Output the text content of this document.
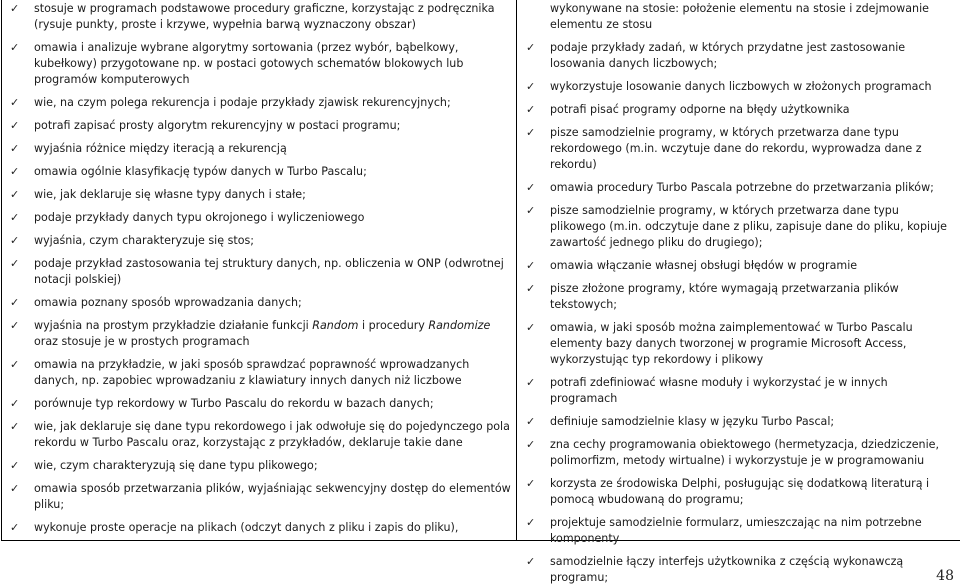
✓	stosuje w programach podstawowe procedury graficzne, korzystając z podręcznika (rysuje punkty, proste i krzywe, wypełnia barwą wyznaczony obszar)
✓	omawia i analizuje wybrane algorytmy sortowania (przez wybór, bąbelkowy, kubełkowy) przygotowane np. w postaci gotowych schematów blokowych lub programów komputerowych
✓	wie, na czym polega rekurencja i podaje przykłady zjawisk rekurencyjnych;
✓	potrafi zapisać prosty algorytm rekurencyjny w postaci programu;
✓	wyjaśnia różnice między iteracją a rekurencją
✓	omawia ogólnie klasyfikację typów danych w Turbo Pascalu;
✓	wie, jak deklaruje się własne typy danych i stałe;
✓	podaje przykłady danych typu okrojonego i wyliczeniowego
✓	wyjaśnia, czym charakteryzuje się stos;
✓	podaje przykład zastosowania tej struktury danych, np. obliczenia w ONP (odwrotnej notacji polskiej)
✓	omawia poznany sposób wprowadzania danych;
✓	wyjaśnia na prostym przykładzie działanie funkcji Random i procedury Randomize oraz stosuje je w prostych programach
✓	omawia na przykładzie, w jaki sposób sprawdzać poprawność wprowadzanych danych, np. zapobiec wprowadzaniu z klawiatury innych danych niż liczbowe
✓	porównuje typ rekordowy w Turbo Pascalu do rekordu w bazach danych;
✓	wie, jak deklaruje się dane typu rekordowego i jak odwołuje się do pojedynczego pola rekordu w Turbo Pascalu oraz, korzystając z przykładów, deklaruje takie dane
✓	wie, czym charakteryzują się dane typu plikowego;
✓	omawia sposób przetwarzania plików, wyjaśniając sekwencyjny dostęp do elementów pliku;
✓	wykonuje proste operacje na plikach (odczyt danych z pliku i zapis do pliku),
wykonywane na stosie: położenie elementu na stosie i zdejmowanie elementu ze stosu
✓	podaje przykłady zadań, w których przydatne jest zastosowanie losowania danych liczbowych;
✓	wykorzystuje losowanie danych liczbowych w złożonych programach
✓	potrafi pisać programy odporne na błędy użytkownika
✓	pisze samodzielnie programy, w których przetwarza dane typu rekordowego (m.in. wczytuje dane do rekordu, wyprowadza dane z rekordu)
✓	omawia procedury Turbo Pascala potrzebne do przetwarzania plików;
✓	pisze samodzielnie programy, w których przetwarza dane typu plikowego (m.in. odczytuje dane z pliku, zapisuje dane do pliku, kopiuje zawartość jednego pliku do drugiego);
✓	omawia włączanie własnej obsługi błędów w programie
✓	pisze złożone programy, które wymagają przetwarzania plików tekstowych;
✓	omawia, w jaki sposób można zaimplementować w Turbo Pascalu elementy bazy danych tworzonej w programie Microsoft Access, wykorzystując typ rekordowy i plikowy
✓	potrafi zdefiniować własne moduły i wykorzystać je w innych programach
✓	definiuje samodzielnie klasy w języku Turbo Pascal;
✓	zna cechy programowania obiektowego (hermetyzacja, dziedziczenie, polimorfizm, metody wirtualne) i wykorzystuje je w programowaniu
✓	korzysta ze środowiska Delphi, posługując się dodatkową literaturą i pomocą wbudowaną do programu;
✓	projektuje samodzielnie formularz, umieszczając na nim potrzebne komponenty
✓	samodzielnie łączy interfejs użytkownika z częścią wykonawczą programu;	48
